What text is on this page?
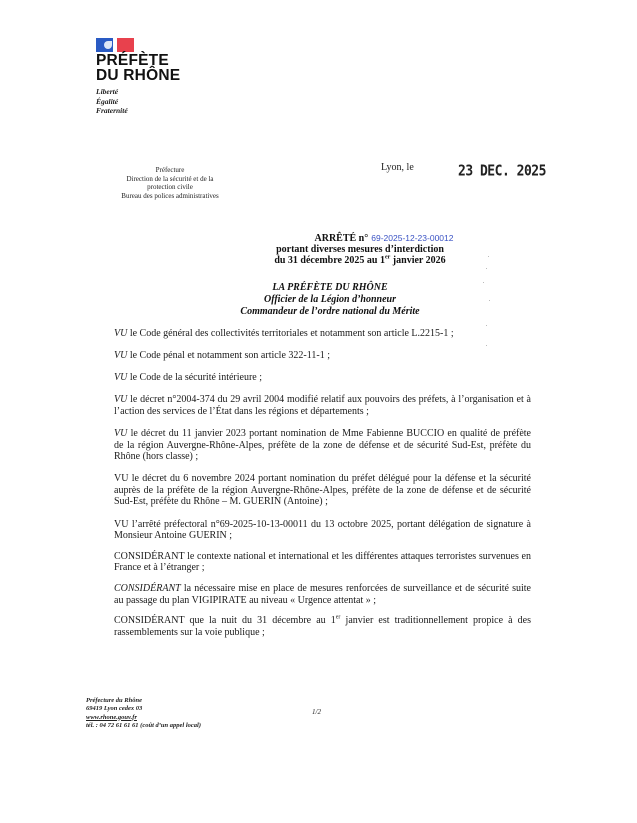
PRÉFÈTE
DU RHÔNE
Liberté
Égalité
Fraternité
Préfecture
Direction de la sécurité et de la
protection civile
Bureau des polices administratives
Lyon, le	23 DEC. 2025
ARRÊTÉ n° 69-2025-12-23-00012
portant diverses mesures d’interdiction
du 31 décembre 2025 au 1er janvier 2026
LA PRÉFÈTE DU RHÔNE
Officier de la Légion d’honneur
Commandeur de l’ordre national du Mérite

VU le Code général des collectivités territoriales et notamment son article L.2215-1 ;

VU le Code pénal et notamment son article 322-11-1 ;

VU le Code de la sécurité intérieure ;

VU le décret n°2004-374 du 29 avril 2004 modifié relatif aux pouvoirs des préfets, à l’organisation et à l’action des services de l’État dans les régions et départements ;

VU le décret du 11 janvier 2023 portant nomination de Mme Fabienne BUCCIO en qualité de préfète de la région Auvergne-Rhône-Alpes, préfète de la zone de défense et de sécurité Sud-Est, préfète du Rhône (hors classe) ;

VU le décret du 6 novembre 2024 portant nomination du préfet délégué pour la défense et la sécurité auprès de la préfète de la région Auvergne-Rhône-Alpes, préfète de la zone de défense et de sécurité Sud-Est, préfète du Rhône – M. GUERIN (Antoine) ;

VU l’arrêté préfectoral n°69-2025-10-13-00011 du 13 octobre 2025, portant délégation de signature à Monsieur Antoine GUERIN ;

CONSIDÉRANT le contexte national et international et les différentes attaques terroristes survenues en France et à l’étranger ;

CONSIDÉRANT la nécessaire mise en place de mesures renforcées de surveillance et de sécurité suite au passage du plan VIGIPIRATE au niveau « Urgence attentat » ;

CONSIDÉRANT que la nuit du 31 décembre au 1er janvier est traditionnellement propice à des rassemblements sur la voie publique ;

Préfecture du Rhône
69419 Lyon cedex 03
www.rhone.gouv.fr
tél. : 04 72 61 61 61 (coût d’un appel local)
1/2
